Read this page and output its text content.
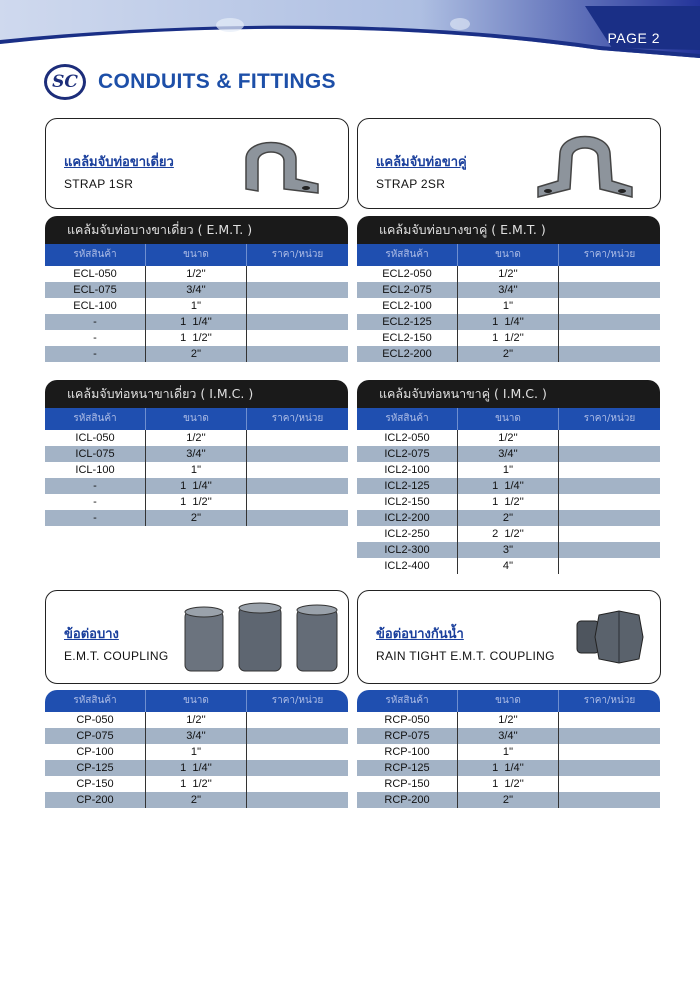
PAGE 2
SC CONDUITS & FITTINGS
แคล้มจับท่อขาเดี่ยว
STRAP 1SR
แคล้มจับท่อขาคู่
STRAP 2SR
แคล้มจับท่อบางขาเดี่ยว ( E.M.T. )
รหัสสินค้า	ขนาด	ราคา/หน่วย
ECL-050	1/2''
ECL-075	3/4''
ECL-100	1''
-	1  1/4''
-	1  1/2''
-	2''
แคล้มจับท่อบางขาคู่ ( E.M.T. )
รหัสสินค้า	ขนาด	ราคา/หน่วย
ECL2-050	1/2''
ECL2-075	3/4''
ECL2-100	1''
ECL2-125	1  1/4''
ECL2-150	1  1/2''
ECL2-200	2''
แคล้มจับท่อหนาขาเดี่ยว ( I.M.C. )
รหัสสินค้า	ขนาด	ราคา/หน่วย
ICL-050	1/2''
ICL-075	3/4''
ICL-100	1''
-	1  1/4''
-	1  1/2''
-	2''
แคล้มจับท่อหนาขาคู่ ( I.M.C. )
รหัสสินค้า	ขนาด	ราคา/หน่วย
ICL2-050	1/2''
ICL2-075	3/4''
ICL2-100	1''
ICL2-125	1  1/4''
ICL2-150	1  1/2''
ICL2-200	2''
ICL2-250	2  1/2''
ICL2-300	3''
ICL2-400	4''
ข้อต่อบาง
E.M.T. COUPLING
ข้อต่อบางกันน้ำ
RAIN TIGHT E.M.T. COUPLING
รหัสสินค้า	ขนาด	ราคา/หน่วย
CP-050	1/2''
CP-075	3/4''
CP-100	1''
CP-125	1  1/4''
CP-150	1  1/2''
CP-200	2''
รหัสสินค้า	ขนาด	ราคา/หน่วย
RCP-050	1/2''
RCP-075	3/4''
RCP-100	1''
RCP-125	1  1/4''
RCP-150	1  1/2''
RCP-200	2''
